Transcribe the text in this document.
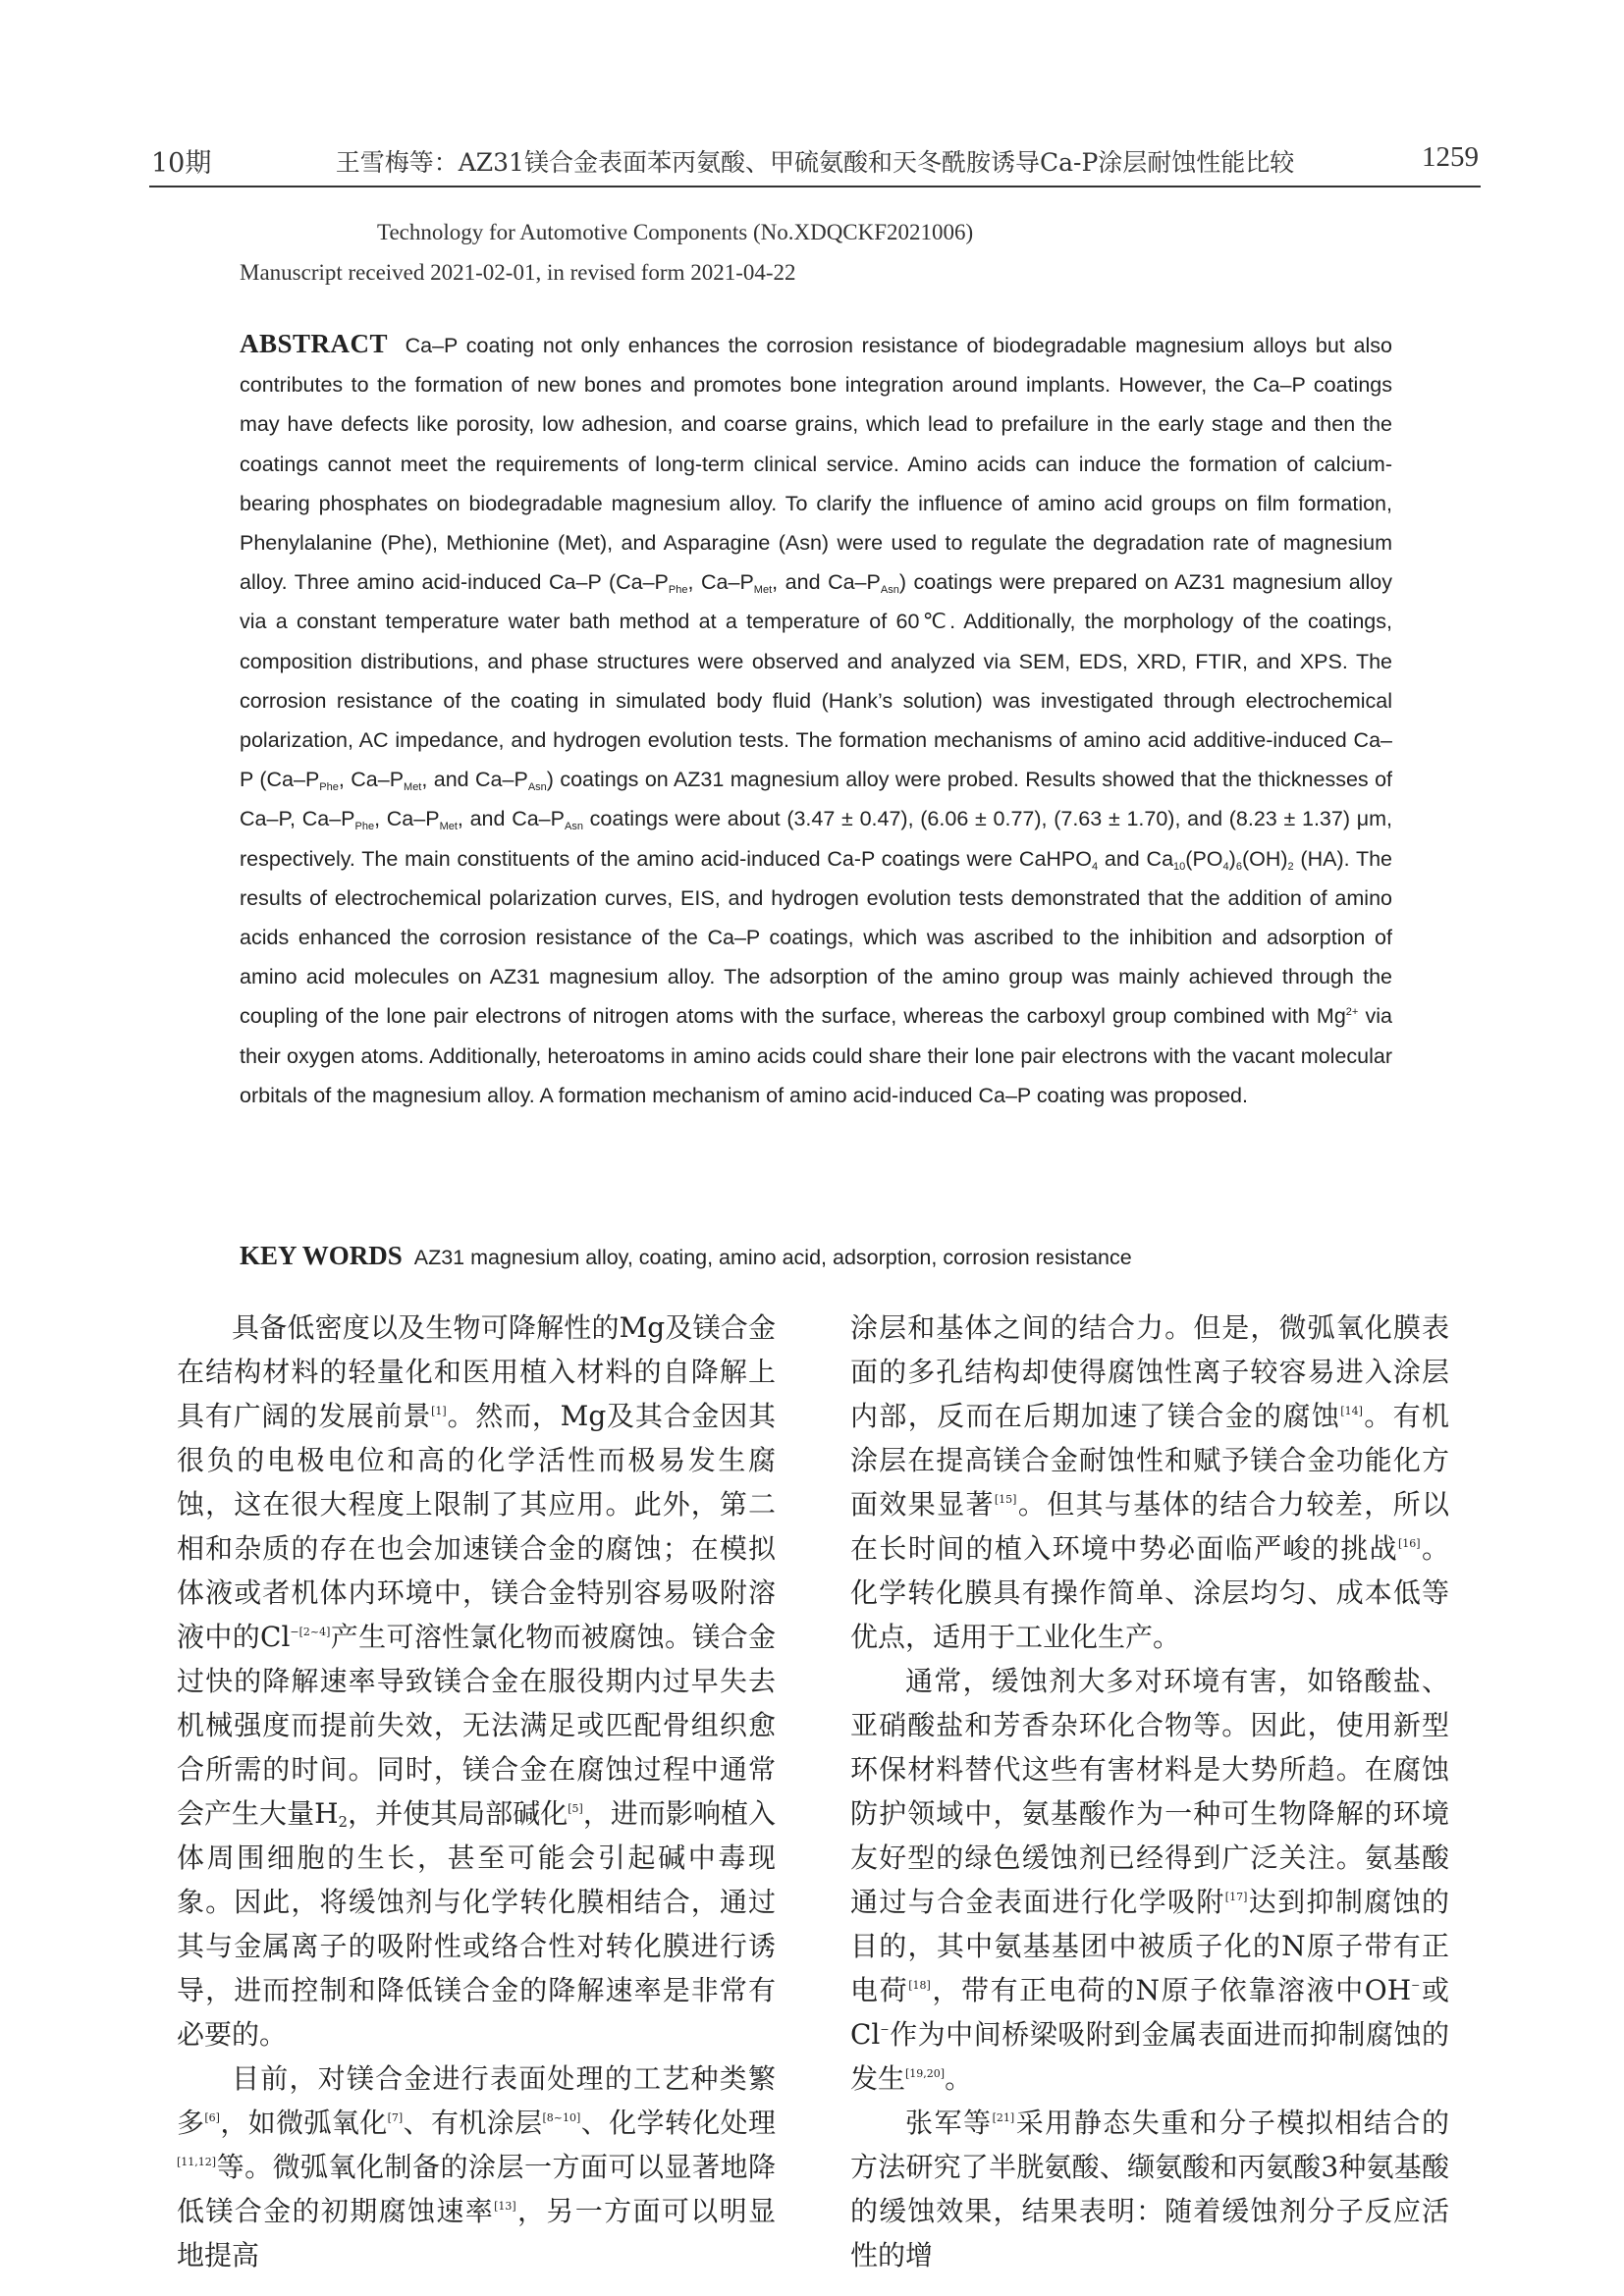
10期	王雪梅等：AZ31镁合金表面苯丙氨酸、甲硫氨酸和天冬酰胺诱导Ca-P涂层耐蚀性能比较	1259
Technology for Automotive Components (No.XDQCKF2021006)
Manuscript received 2021-02-01, in revised form 2021-04-22

ABSTRACT Ca–P coating not only enhances the corrosion resistance of biodegradable magnesium alloys but also contributes to the formation of new bones and promotes bone integration around implants. However, the Ca–P coatings may have defects like porosity, low adhesion, and coarse grains, which lead to prefailure in the early stage and then the coatings cannot meet the requirements of long-term clinical service. Amino acids can induce the formation of calcium-bearing phosphates on biodegradable magnesium alloy. To clarify the influence of amino acid groups on film formation, Phenylalanine (Phe), Methionine (Met), and Asparagine (Asn) were used to regulate the degradation rate of magnesium alloy. Three amino acid-induced Ca–P ($Ca-P_{Phe}$, $Ca-P_{Met}$, and $Ca-P_{Asn}$) coatings were prepared on AZ31 magnesium alloy via a constant temperature water bath method at a temperature of 60℃. Additionally, the morphology of the coatings, composition distributions, and phase structures were observed and analyzed via SEM, EDS, XRD, FTIR, and XPS. The corrosion resistance of the coating in simulated body fluid (Hank’s solution) was investigated through electrochemical polarization, AC impedance, and hydrogen evolution tests. The formation mechanisms of amino acid additive-induced Ca–P ($Ca-P_{Phe}$, $Ca-P_{Met}$, and $Ca-P_{Asn}$) coatings on AZ31 magnesium alloy were probed. Results showed that the thicknesses of Ca–P, $Ca-P_{Phe}$, $Ca-P_{Met}$, and $Ca-P_{Asn}$ coatings were about (3.47 ± 0.47), (6.06 ± 0.77), (7.63 ± 1.70), and (8.23 ± 1.37) μm, respectively. The main constituents of the amino acid-induced Ca-P coatings were CaHPO$_4$ and $Ca_{10}(PO_4)_6(OH)_2$ (HA). The results of electrochemical polarization curves, EIS, and hydrogen evolution tests demonstrated that the addition of amino acids enhanced the corrosion resistance of the Ca–P coatings, which was ascribed to the inhibition and adsorption of amino acid molecules on AZ31 magnesium alloy. The adsorption of the amino group was mainly achieved through the coupling of the lone pair electrons of nitrogen atoms with the surface, whereas the carboxyl group combined with $Mg^{2+}$ via their oxygen atoms. Additionally, heteroatoms in amino acids could share their lone pair electrons with the vacant molecular orbitals of the magnesium alloy. A formation mechanism of amino acid-induced Ca–P coating was proposed.

KEY WORDS AZ31 magnesium alloy, coating, amino acid, adsorption, corrosion resistance

具备低密度以及生物可降解性的Mg及镁合金在结构材料的轻量化和医用植入材料的自降解上具有广阔的发展前景[1]。然而，Mg及其合金因其很负的电极电位和高的化学活性而极易发生腐蚀，这在很大程度上限制了其应用。此外，第二相和杂质的存在也会加速镁合金的腐蚀；在模拟体液或者机体内环境中，镁合金特别容易吸附溶液中的$Cl^{-[2\sim 4]}$产生可溶性氯化物而被腐蚀。镁合金过快的降解速率导致镁合金在服役期内过早失去机械强度而提前失效，无法满足或匹配骨组织愈合所需的时间。同时，镁合金在腐蚀过程中通常会产生大量$H_2$，并使其局部碱化[5]，进而影响植入体周围细胞的生长，甚至可能会引起碱中毒现象。因此，将缓蚀剂与化学转化膜相结合，通过其与金属离子的吸附性或络合性对转化膜进行诱导，进而控制和降低镁合金的降解速率是非常有必要的。

目前，对镁合金进行表面处理的工艺种类繁多[6]，如微弧氧化[7]、有机涂层[8~10]、化学转化处理[11,12]等。微弧氧化制备的涂层一方面可以显著地降低镁合金的初期腐蚀速率[13]，另一方面可以明显地提高

涂层和基体之间的结合力。但是，微弧氧化膜表面的多孔结构却使得腐蚀性离子较容易进入涂层内部，反而在后期加速了镁合金的腐蚀[14]。有机涂层在提高镁合金耐蚀性和赋予镁合金功能化方面效果显著[15]。但其与基体的结合力较差，所以在长时间的植入环境中势必面临严峻的挑战[16]。化学转化膜具有操作简单、涂层均匀、成本低等优点，适用于工业化生产。

通常，缓蚀剂大多对环境有害，如铬酸盐、亚硝酸盐和芳香杂环化合物等。因此，使用新型环保材料替代这些有害材料是大势所趋。在腐蚀防护领域中，氨基酸作为一种可生物降解的环境友好型的绿色缓蚀剂已经得到广泛关注。氨基酸通过与合金表面进行化学吸附[17]达到抑制腐蚀的目的，其中氨基基团中被质子化的N原子带有正电荷[18]，带有正电荷的N原子依靠溶液中OH−或Cl−作为中间桥梁吸附到金属表面进而抑制腐蚀的发生[19,20]。

张军等[21]采用静态失重和分子模拟相结合的方法研究了半胱氨酸、缬氨酸和丙氨酸3种氨基酸的缓蚀效果，结果表明：随着缓蚀剂分子反应活性的增
